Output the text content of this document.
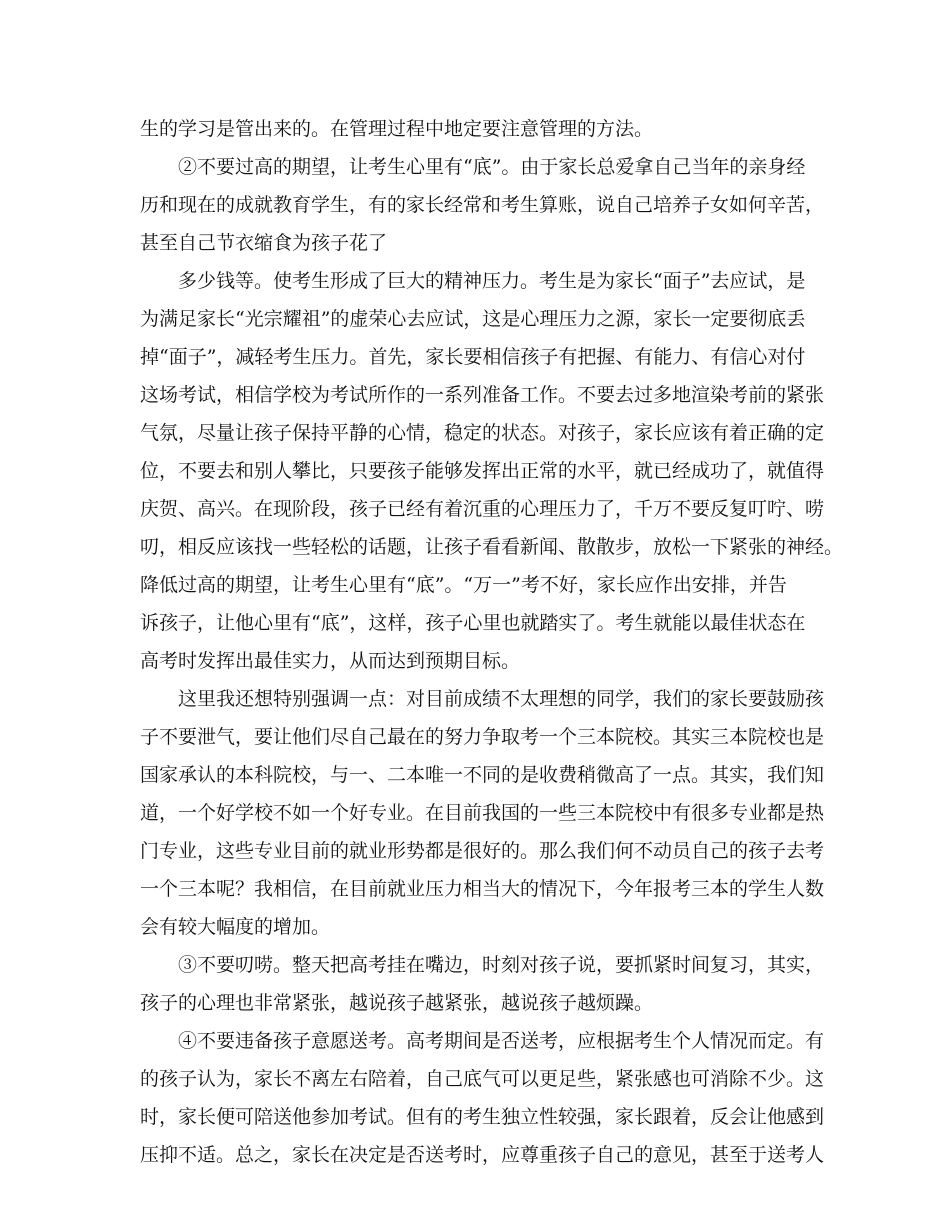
生的学习是管出来的。在管理过程中地定要注意管理的方法。
②不要过高的期望，让考生心里有“底”。由于家长总爱拿自己当年的亲身经
历和现在的成就教育学生，有的家长经常和考生算账，说自己培养子女如何辛苦，
甚至自己节衣缩食为孩子花了
多少钱等。使考生形成了巨大的精神压力。考生是为家长“面子”去应试，是
为满足家长“光宗耀祖”的虚荣心去应试，这是心理压力之源，家长一定要彻底丢
掉“面子”，减轻考生压力。首先，家长要相信孩子有把握、有能力、有信心对付
这场考试，相信学校为考试所作的一系列准备工作。不要去过多地渲染考前的紧张
气氛，尽量让孩子保持平静的心情，稳定的状态。对孩子，家长应该有着正确的定
位，不要去和别人攀比，只要孩子能够发挥出正常的水平，就已经成功了，就值得
庆贺、高兴。在现阶段，孩子已经有着沉重的心理压力了，千万不要反复叮咛、唠
叨，相反应该找一些轻松的话题，让孩子看看新闻、散散步，放松一下紧张的神经。
降低过高的期望，让考生心里有“底”。“万一”考不好，家长应作出安排，并告
诉孩子，让他心里有“底”，这样，孩子心里也就踏实了。考生就能以最佳状态在
高考时发挥出最佳实力，从而达到预期目标。
这里我还想特别强调一点：对目前成绩不太理想的同学，我们的家长要鼓励孩
子不要泄气，要让他们尽自己最在的努力争取考一个三本院校。其实三本院校也是
国家承认的本科院校，与一、二本唯一不同的是收费稍微高了一点。其实，我们知
道，一个好学校不如一个好专业。在目前我国的一些三本院校中有很多专业都是热
门专业，这些专业目前的就业形势都是很好的。那么我们何不动员自己的孩子去考
一个三本呢？我相信，在目前就业压力相当大的情况下，今年报考三本的学生人数
会有较大幅度的增加。
③不要叨唠。整天把高考挂在嘴边，时刻对孩子说，要抓紧时间复习，其实，
孩子的心理也非常紧张，越说孩子越紧张，越说孩子越烦躁。
④不要违备孩子意愿送考。高考期间是否送考，应根据考生个人情况而定。有
的孩子认为，家长不离左右陪着，自己底气可以更足些，紧张感也可消除不少。这
时，家长便可陪送他参加考试。但有的考生独立性较强，家长跟着，反会让他感到
压抑不适。总之，家长在决定是否送考时，应尊重孩子自己的意见，甚至于送考人
